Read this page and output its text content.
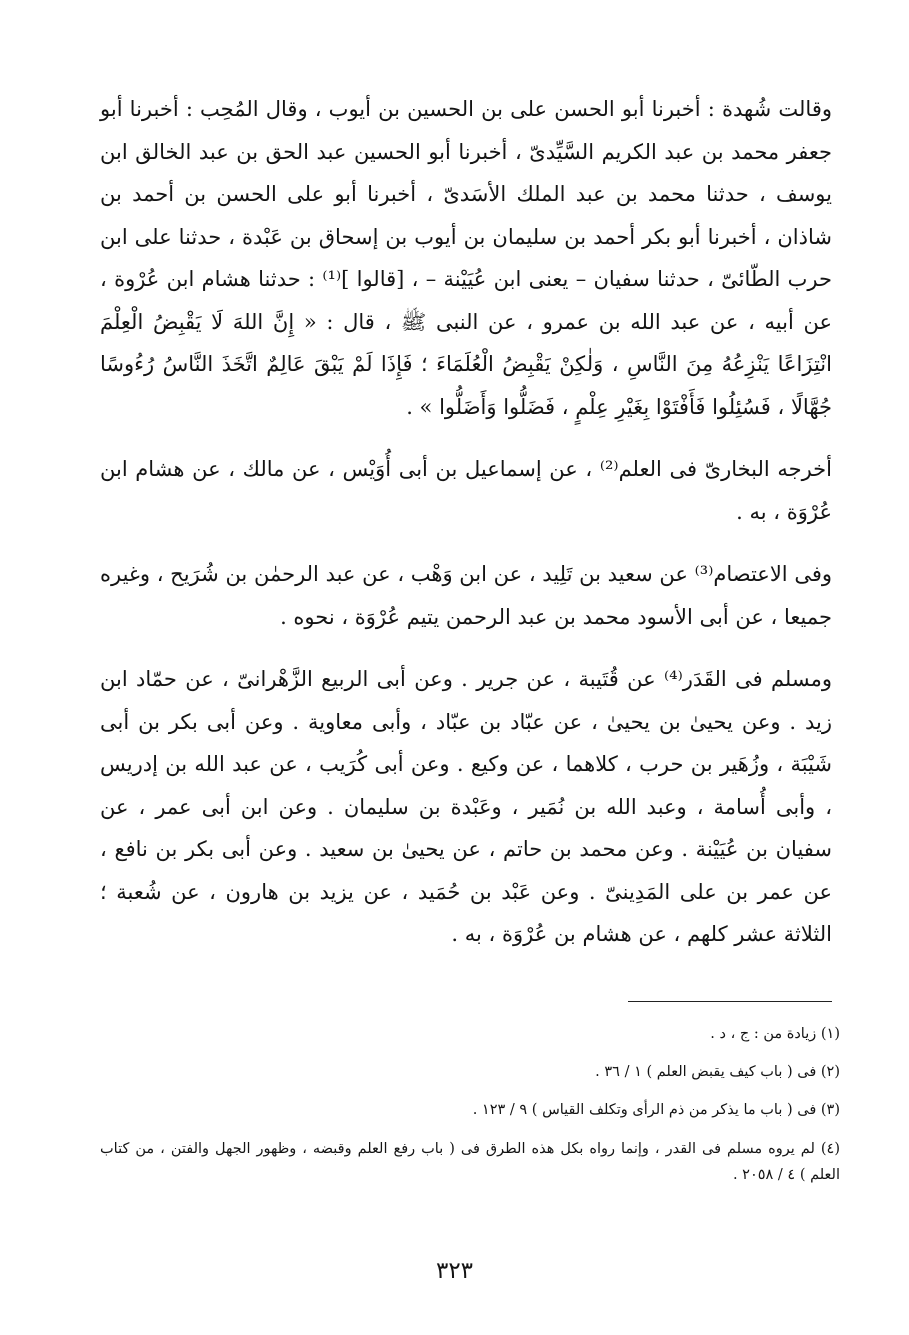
وقالت شُهدة : أخبرنا أبو الحسن على بن الحسين بن أيوب ، وقال المُحِب : أخبرنا أبو جعفر محمد بن عبد الكريم السَّيِّدىّ ، أخبرنا أبو الحسين عبد الحق بن عبد الخالق ابن يوسف ، حدثنا محمد بن عبد الملك الأسَدىّ ، أخبرنا أبو على الحسن بن أحمد بن شاذان ، أخبرنا أبو بكر أحمد بن سليمان بن أيوب بن إسحاق بن عَبْدة ، حدثنا على ابن حرب الطّائىّ ، حدثنا سفيان – يعنى ابن عُيَيْنة – ، [قالوا ]⁽¹⁾ : حدثنا هشام ابن عُرْوة ، عن أبيه ، عن عبد الله بن عمرو ، عن النبى ﷺ ، قال : « إِنَّ اللهَ لَا يَقْبِضُ الْعِلْمَ انْتِزَاعًا يَنْزِعُهُ مِنَ النَّاسِ ، وَلٰكِنْ يَقْبِضُ الْعُلَمَاءَ ؛ فَإِذَا لَمْ يَبْقَ عَالِمٌ اتَّخَذَ النَّاسُ رُءُوسًا جُهَّالًا ، فَسُئِلُوا فَأَفْتَوْا بِغَيْرِ عِلْمٍ ، فَضَلُّوا وَأَضَلُّوا » .

أخرجه البخارىّ فى العلم⁽²⁾ ، عن إسماعيل بن أبى أُوَيْس ، عن مالك ، عن هشام ابن عُرْوَة ، به .

وفى الاعتصام⁽³⁾ عن سعيد بن تَلِيد ، عن ابن وَهْب ، عن عبد الرحمٰن بن شُرَيح ، وغيره جميعا ، عن أبى الأسود محمد بن عبد الرحمن يتيم عُرْوَة ، نحوه .

ومسلم فى القَدَر⁽⁴⁾ عن قُتَيبة ، عن جرير . وعن أبى الربيع الزَّهْرانىّ ، عن حمّاد ابن زيد . وعن يحيىٰ بن يحيىٰ ، عن عبّاد بن عبّاد ، وأبى معاوية . وعن أبى بكر بن أبى شَيْبَة ، وزُهَير بن حرب ، كلاهما ، عن وكيع . وعن أبى كُرَيب ، عن عبد الله بن إدريس ، وأبى أُسامة ، وعبد الله بن نُمَير ، وعَبْدة بن سليمان . وعن ابن أبى عمر ، عن سفيان بن عُيَيْنة . وعن محمد بن حاتم ، عن يحيىٰ بن سعيد . وعن أبى بكر بن نافع ، عن عمر بن على المَدِينىّ . وعن عَبْد بن حُمَيد ، عن يزيد بن هارون ، عن شُعبة ؛ الثلاثة عشر كلهم ، عن هشام بن عُرْوَة ، به .

(١) زيادة من : ج ، د .

(٢) فى ( باب كيف يقبض العلم ) ١ / ٣٦ .

(٣) فى ( باب ما يذكر من ذم الرأى وتكلف القياس ) ٩ / ١٢٣ .

(٤) لم يروه مسلم فى القدر ، وإنما رواه بكل هذه الطرق فى ( باب رفع العلم وقبضه ، وظهور الجهل والفتن ، من كتاب العلم ) ٤ / ٢٠٥٨ .

٣٢٣
